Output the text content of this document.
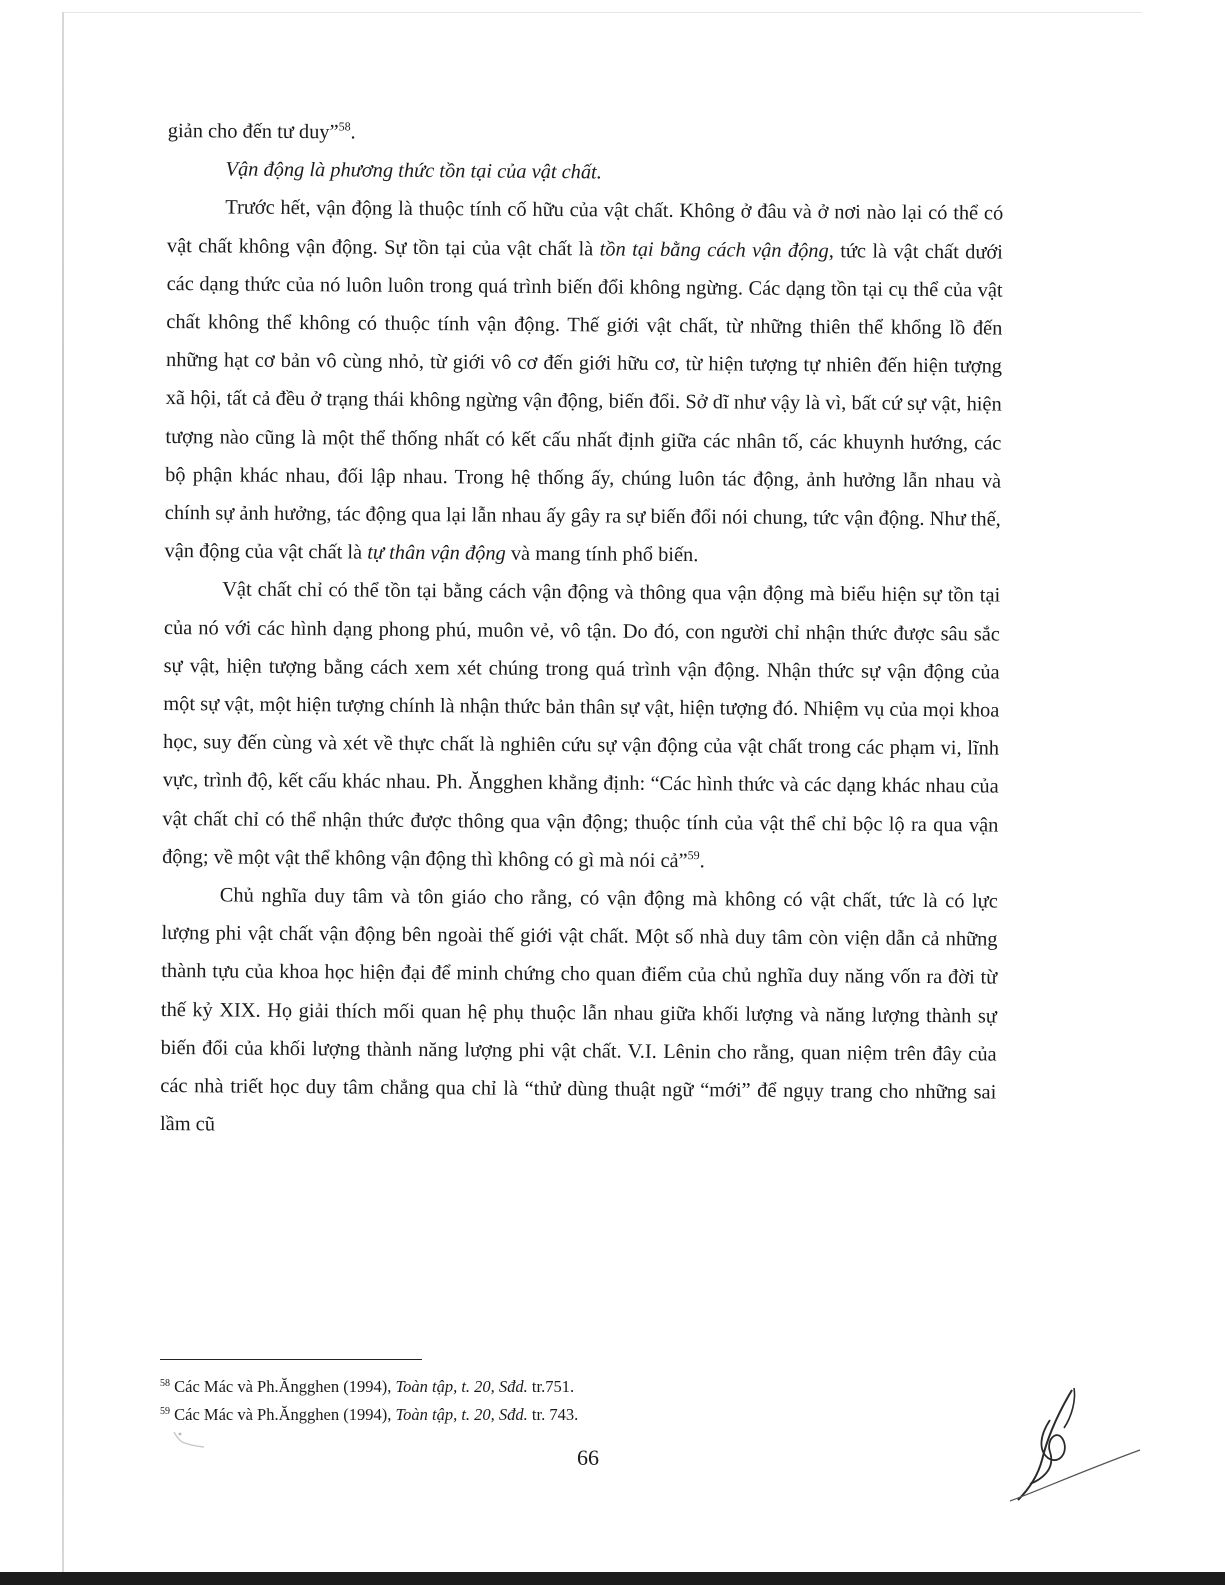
giản cho đến tư duy”$^{58}$.

Vận động là phương thức tồn tại của vật chất.

Trước hết, vận động là thuộc tính cố hữu của vật chất. Không ở đâu và ở nơi nào lại có thể có vật chất không vận động. Sự tồn tại của vật chất là tồn tại bằng cách vận động, tức là vật chất dưới các dạng thức của nó luôn luôn trong quá trình biến đổi không ngừng. Các dạng tồn tại cụ thể của vật chất không thể không có thuộc tính vận động. Thế giới vật chất, từ những thiên thể khổng lồ đến những hạt cơ bản vô cùng nhỏ, từ giới vô cơ đến giới hữu cơ, từ hiện tượng tự nhiên đến hiện tượng xã hội, tất cả đều ở trạng thái không ngừng vận động, biến đổi. Sở dĩ như vậy là vì, bất cứ sự vật, hiện tượng nào cũng là một thể thống nhất có kết cấu nhất định giữa các nhân tố, các khuynh hướng, các bộ phận khác nhau, đối lập nhau. Trong hệ thống ấy, chúng luôn tác động, ảnh hưởng lẫn nhau và chính sự ảnh hưởng, tác động qua lại lẫn nhau ấy gây ra sự biến đổi nói chung, tức vận động. Như thế, vận động của vật chất là tự thân vận động và mang tính phổ biến.

Vật chất chỉ có thể tồn tại bằng cách vận động và thông qua vận động mà biểu hiện sự tồn tại của nó với các hình dạng phong phú, muôn vẻ, vô tận. Do đó, con người chỉ nhận thức được sâu sắc sự vật, hiện tượng bằng cách xem xét chúng trong quá trình vận động. Nhận thức sự vận động của một sự vật, một hiện tượng chính là nhận thức bản thân sự vật, hiện tượng đó. Nhiệm vụ của mọi khoa học, suy đến cùng và xét về thực chất là nghiên cứu sự vận động của vật chất trong các phạm vi, lĩnh vực, trình độ, kết cấu khác nhau. Ph. Ăngghen khẳng định: “Các hình thức và các dạng khác nhau của vật chất chỉ có thể nhận thức được thông qua vận động; thuộc tính của vật thể chỉ bộc lộ ra qua vận động; về một vật thể không vận động thì không có gì mà nói cả”$^{59}$.

Chủ nghĩa duy tâm và tôn giáo cho rằng, có vận động mà không có vật chất, tức là có lực lượng phi vật chất vận động bên ngoài thế giới vật chất. Một số nhà duy tâm còn viện dẫn cả những thành tựu của khoa học hiện đại để minh chứng cho quan điểm của chủ nghĩa duy năng vốn ra đời từ thế kỷ XIX. Họ giải thích mối quan hệ phụ thuộc lẫn nhau giữa khối lượng và năng lượng thành sự biến đổi của khối lượng thành năng lượng phi vật chất. V.I. Lênin cho rằng, quan niệm trên đây của các nhà triết học duy tâm chẳng qua chỉ là “thử dùng thuật ngữ “mới” để ngụy trang cho những sai lầm cũ

$^{58}$ Các Mác và Ph.Ăngghen (1994), Toàn tập, t. 20, Sđd. tr.751.
$^{59}$ Các Mác và Ph.Ăngghen (1994), Toàn tập, t. 20, Sđd. tr. 743.
66
